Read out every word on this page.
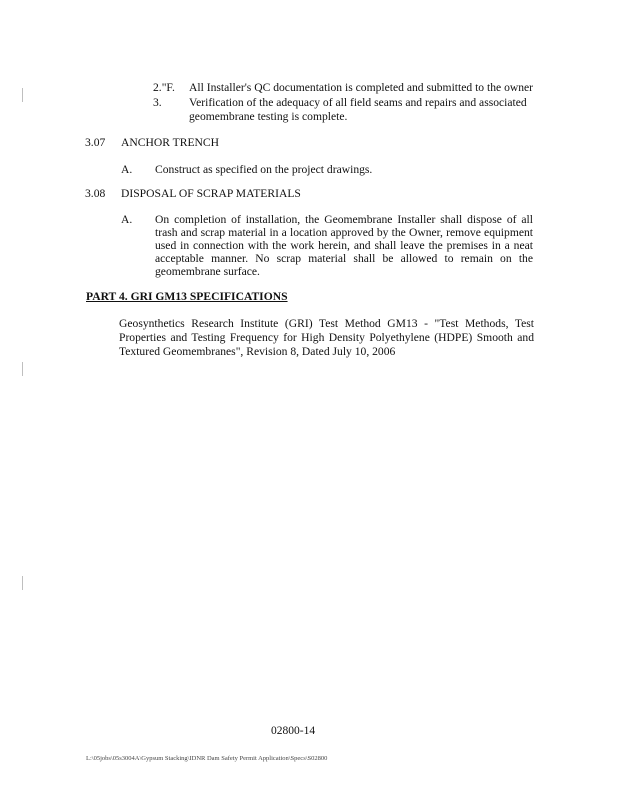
2."F. All Installer's QC documentation is completed and submitted to the owner
3. Verification of the adequacy of all field seams and repairs and associated
geomembrane testing is complete.
3.07 ANCHOR TRENCH
A. Construct as specified on the project drawings.
3.08 DISPOSAL OF SCRAP MATERIALS
A. On completion of installation, the Geomembrane Installer shall dispose of all
trash and scrap material in a location approved by the Owner, remove equipment
used in connection with the work herein, and shall leave the premises in a neat
acceptable manner. No scrap material shall be allowed to remain on the
geomembrane surface.
PART 4. GRI GM13 SPECIFICATIONS
Geosynthetics Research Institute (GRI) Test Method GM13 - "Test Methods, Test
Properties and Testing Frequency for High Density Polyethylene (HDPE) Smooth and
Textured Geomembranes", Revision 8, Dated July 10, 2006
02800-14
L:\05jobs\05s3004A\Gypsum Stacking\IDNR Dam Safety Permit Application\Specs\S02800
